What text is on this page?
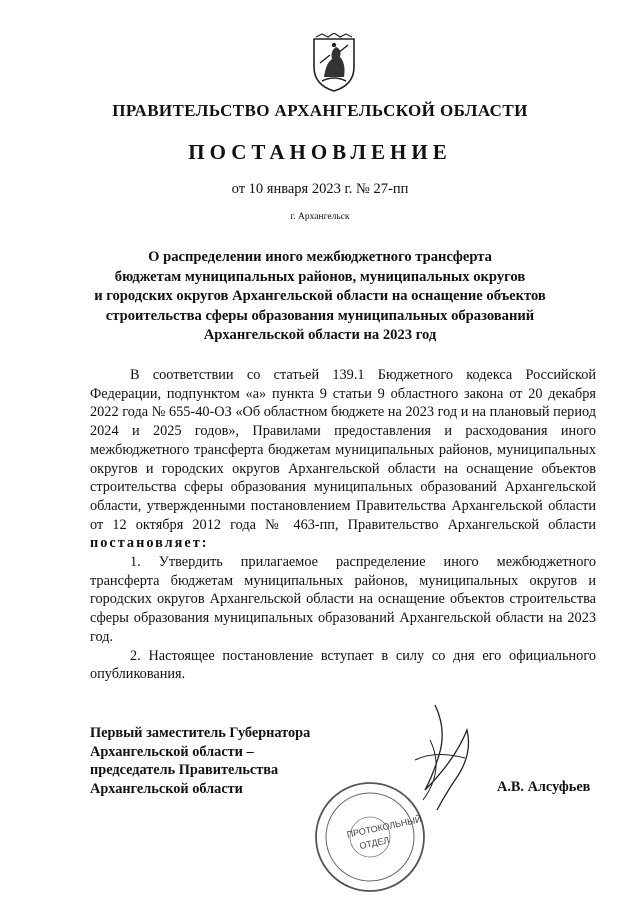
ПРАВИТЕЛЬСТВО АРХАНГЕЛЬСКОЙ ОБЛАСТИ
ПОСТАНОВЛЕНИЕ
от 10 января 2023 г. № 27-пп
г. Архангельск
О распределении иного межбюджетного трансферта
бюджетам муниципальных районов, муниципальных округов
и городских округов Архангельской области на оснащение объектов
строительства сферы образования муниципальных образований
Архангельской области на 2023 год

В соответствии со статьей 139.1 Бюджетного кодекса Российской Федерации, подпунктом «а» пункта 9 статьи 9 областного закона от 20 декабря 2022 года № 655-40-ОЗ «Об областном бюджете на 2023 год и на плановый период 2024 и 2025 годов», Правилами предоставления и расходования иного межбюджетного трансферта бюджетам муниципальных районов, муниципальных округов и городских округов Архангельской области на оснащение объектов строительства сферы образования муниципальных образований Архангельской области, утвержденными постановлением Правительства Архангельской области от 12 октября 2012 года № 463-пп, Правительство Архангельской области постановляет:

1. Утвердить прилагаемое распределение иного межбюджетного трансферта бюджетам муниципальных районов, муниципальных округов и городских округов Архангельской области на оснащение объектов строительства сферы образования муниципальных образований Архангельской области на 2023 год.

2. Настоящее постановление вступает в силу со дня его официального опубликования.

Первый заместитель Губернатора
Архангельской области –
председатель Правительства
Архангельской области	А.В. Алсуфьев
ПРОТОКОЛЬНЫЙ
ОТДЕЛ
